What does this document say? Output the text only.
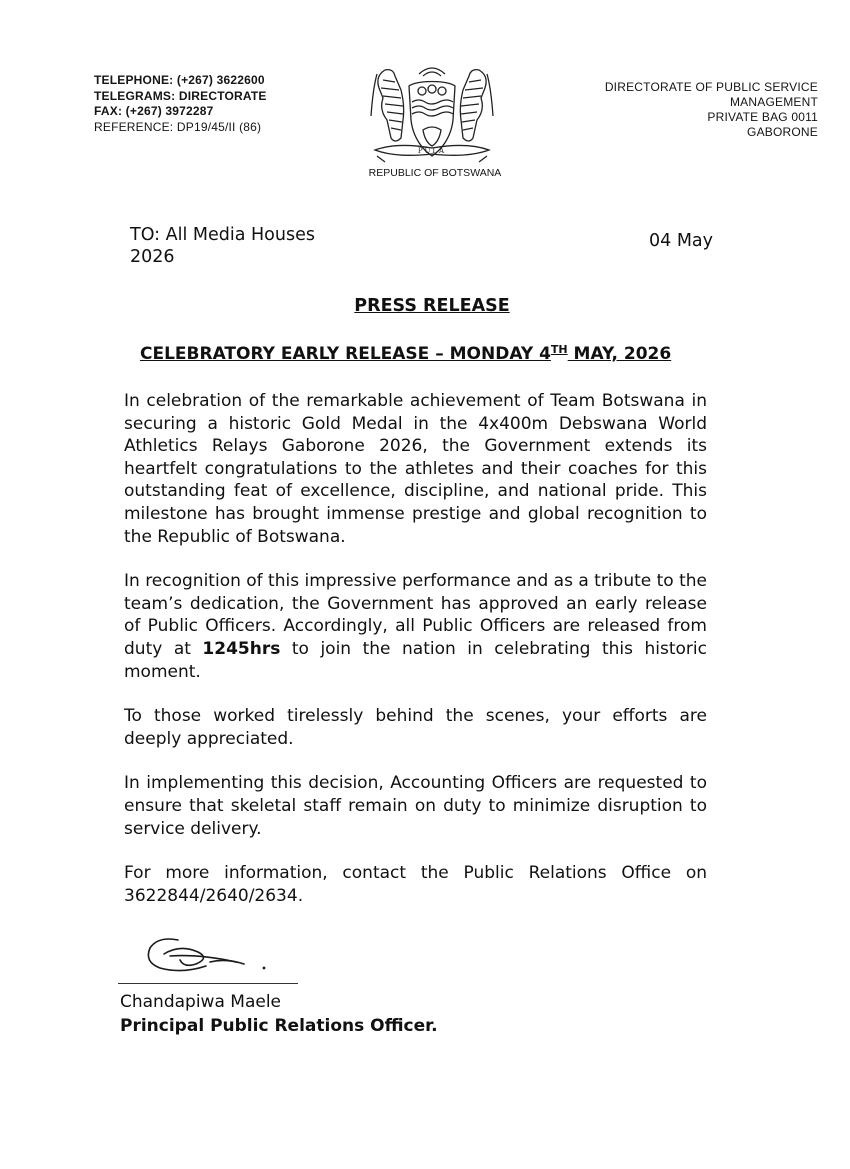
TELEPHONE: (+267) 3622600
TELEGRAMS: DIRECTORATE
FAX: (+267) 3972287
REFERENCE: DP19/45/II (86)
PULA
REPUBLIC OF BOTSWANA
DIRECTORATE OF PUBLIC SERVICE
MANAGEMENT
PRIVATE BAG 0011
GABORONE
TO: All Media Houses
2026
04 May
PRESS RELEASE
CELEBRATORY EARLY RELEASE – MONDAY 4TH MAY, 2026

In celebration of the remarkable achievement of Team Botswana in securing a historic Gold Medal in the 4x400m Debswana World Athletics Relays Gaborone 2026, the Government extends its heartfelt congratulations to the athletes and their coaches for this outstanding feat of excellence, discipline, and national pride. This milestone has brought immense prestige and global recognition to the Republic of Botswana.

In recognition of this impressive performance and as a tribute to the team’s dedication, the Government has approved an early release of Public Officers. Accordingly, all Public Officers are released from duty at 1245hrs to join the nation in celebrating this historic moment.

To those worked tirelessly behind the scenes, your efforts are deeply appreciated.

In implementing this decision, Accounting Officers are requested to ensure that skeletal staff remain on duty to minimize disruption to service delivery.

For more information, contact the Public Relations Office on 3622844/2640/2634.

Chandapiwa Maele
Principal Public Relations Officer.
